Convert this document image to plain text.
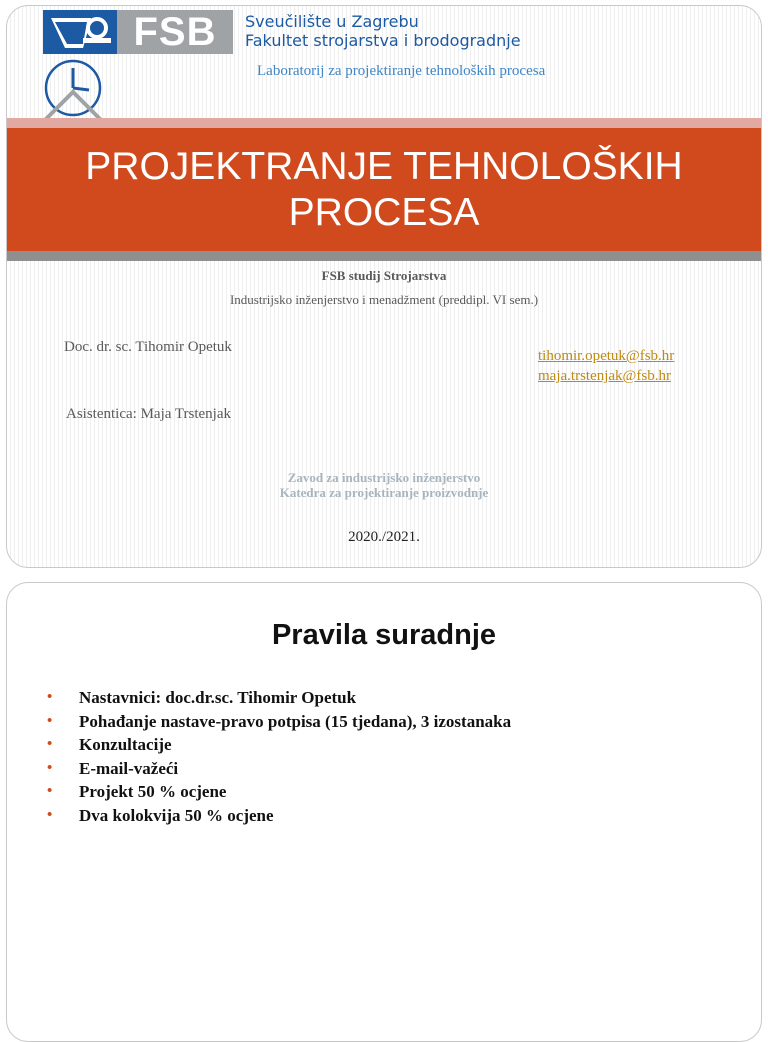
FSB	Sveučilište u Zagrebu
Fakultet strojarstva i brodogradnje
Laboratorij za projektiranje tehnoloških procesa
PROJEKTRANJE TEHNOLOŠKIH
PROCESA
FSB studij Strojarstva
Industrijsko inženjerstvo i menadžment (preddipl. VI sem.)
Doc. dr. sc. Tihomir Opetuk
tihomir.opetuk@fsb.hr
maja.trstenjak@fsb.hr
Asistentica: Maja Trstenjak
Zavod za industrijsko inženjerstvo
Katedra za projektiranje proizvodnje
2020./2021.
Pravila suradnje
• Nastavnici: doc.dr.sc. Tihomir Opetuk
• Pohađanje nastave-pravo potpisa (15 tjedana), 3 izostanaka
• Konzultacije
• E-mail-važeći
• Projekt 50 % ocjene
• Dva kolokvija 50 % ocjene
